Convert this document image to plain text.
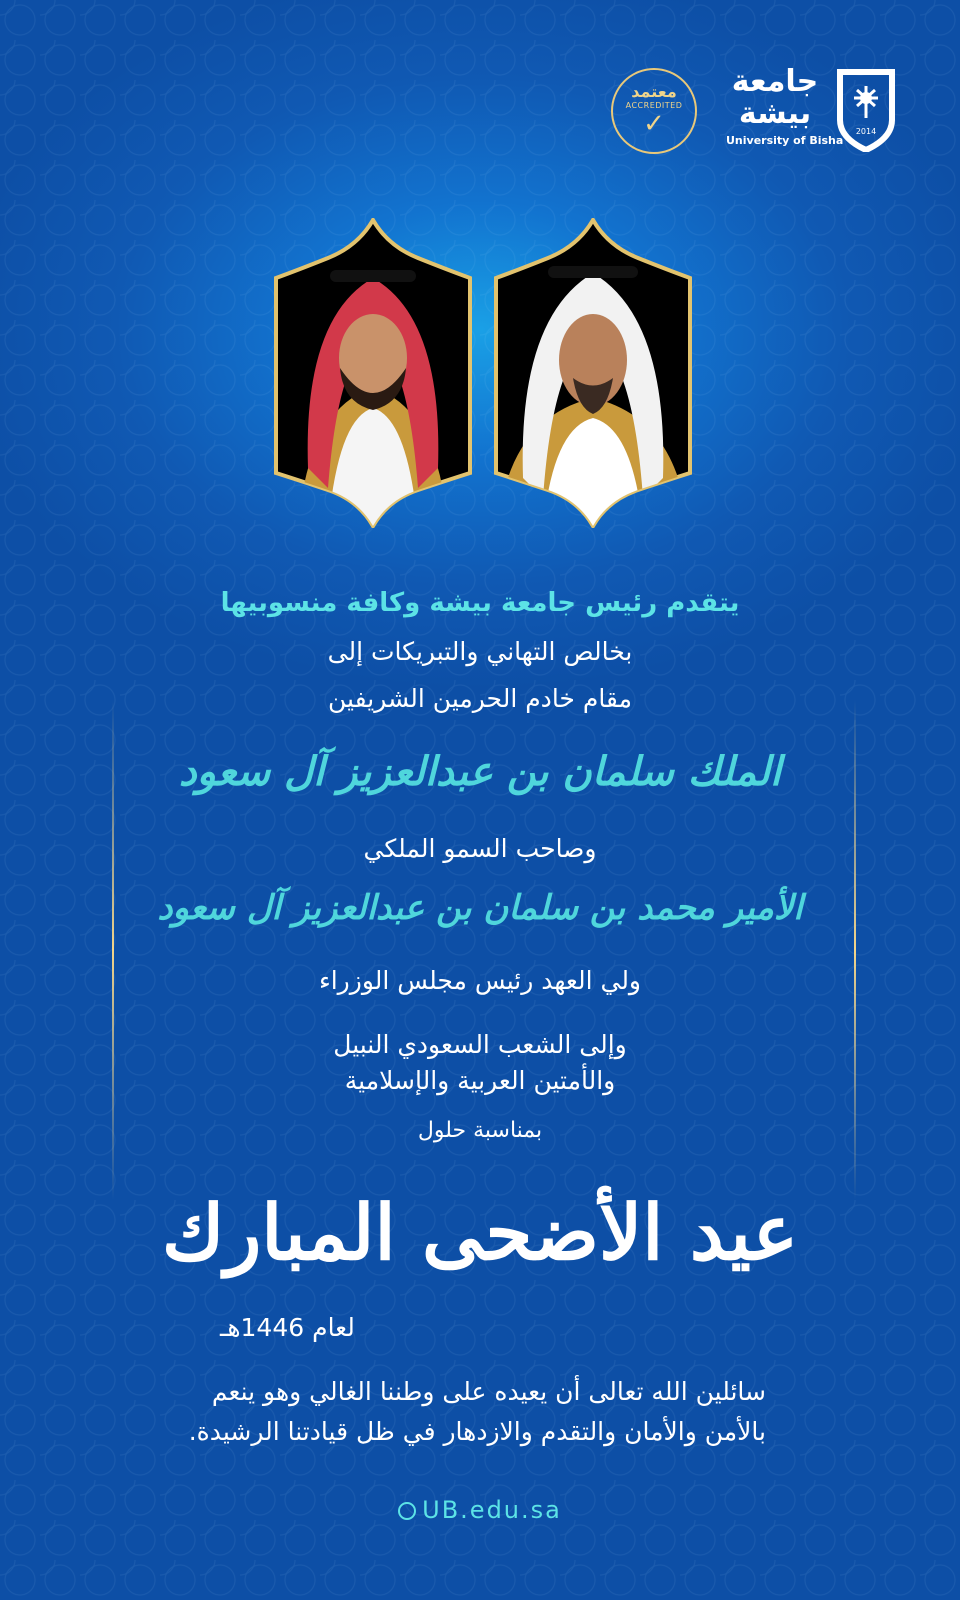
جامعة
بيشة
University of Bisha
2014
معتمد
ACCREDITED
✓
يتقدم رئيس جامعة بيشة وكافة منسوبيها
بخالص التهاني والتبريكات إلى
مقام خادم الحرمين الشريفين
الملك سلمان بن عبدالعزيز آل سعود
وصاحب السمو الملكي
الأمير محمد بن سلمان بن عبدالعزيز آل سعود
ولي العهد رئيس مجلس الوزراء
وإلى الشعب السعودي النبيل
والأمتين العربية والإسلامية
بمناسبة حلول
عيد الأضحى المبارك
لعام 1446هـ
سائلين الله تعالى أن يعيده على وطننا الغالي وهو ينعم
بالأمن والأمان والتقدم والازدهار في ظل قيادتنا الرشيدة.
UB.edu.sa
